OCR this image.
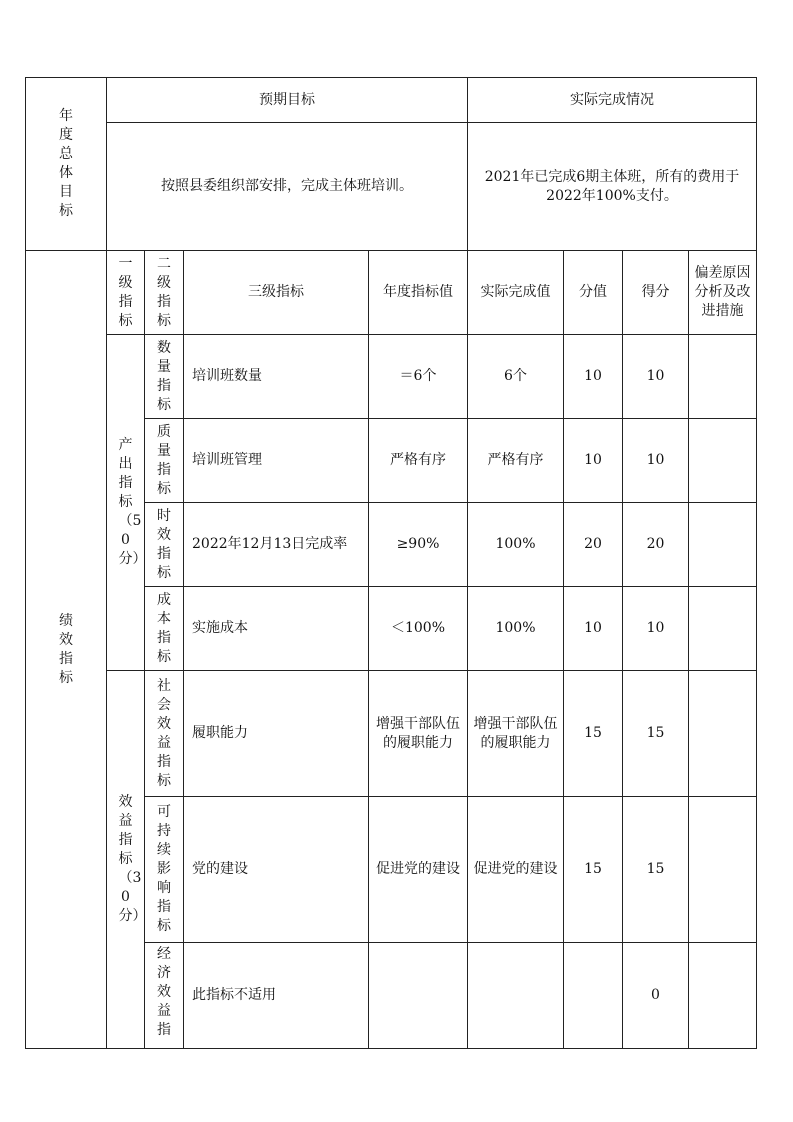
年度总体目标	预期目标				实际完成情况			
	按照县委组织部安排，完成主体班培训。				2021年已完成6期主体班，所有的费用于2022年100%支付。			

绩效指标	一级指标	二级指标	三级指标	年度指标值	实际完成值	分值	得分	偏差原因分析及改进措施

	产出指标（50分）	数量指标	培训班数量	＝6个	6个	10	10	

		质量指标	培训班管理	严格有序	严格有序	10	10	

		时效指标	2022年12月13日完成率	≥90%	100%	20	20	

		成本指标	实施成本	＜100%	100%	10	10	

	效益指标（30分）	社会效益指标	履职能力	增强干部队伍的履职能力	增强干部队伍的履职能力	15	15	

		可持续影响指标	党的建设	促进党的建设	促进党的建设	15	15	

		经济效益指	此指标不适用				0	
